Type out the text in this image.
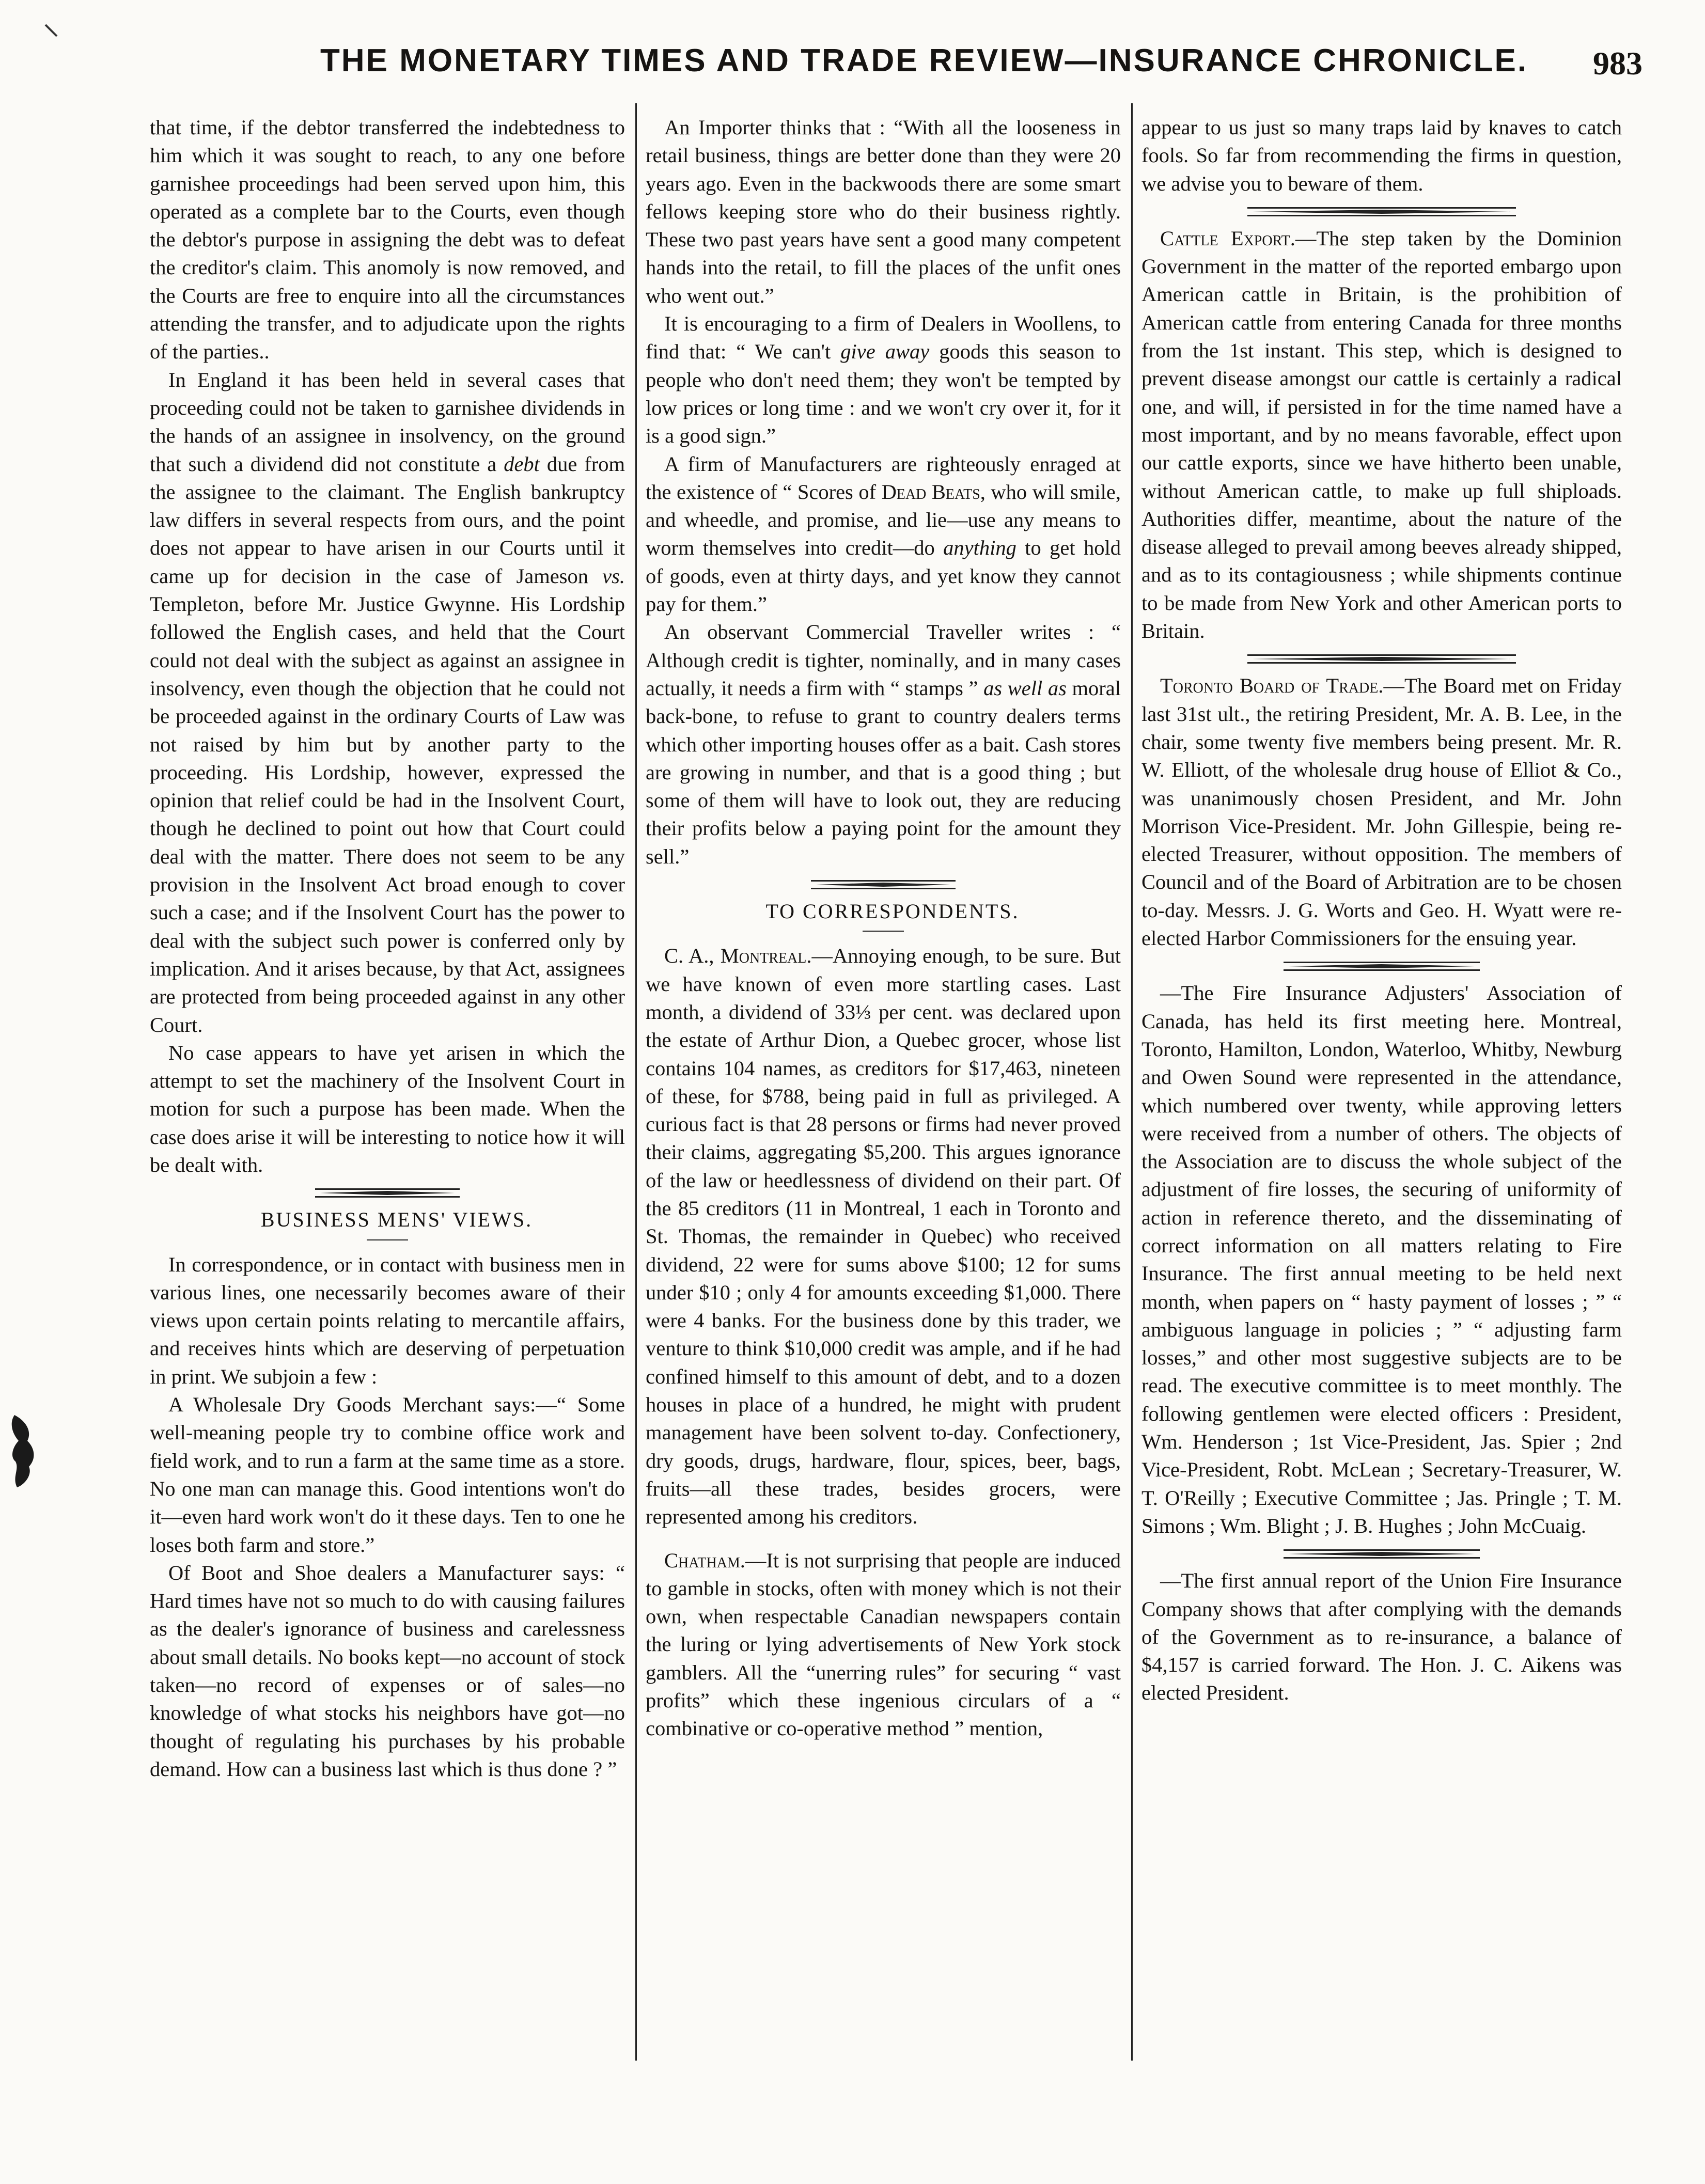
THE MONETARY TIMES AND TRADE REVIEW—INSURANCE CHRONICLE. 983

that time, if the debtor transferred the indebtedness to him which it was sought to reach, to any one before garnishee proceedings had been served upon him, this operated as a complete bar to the Courts, even though the debtor's purpose in assigning the debt was to defeat the creditor's claim. This anomoly is now removed, and the Courts are free to enquire into all the circumstances attending the transfer, and to adjudicate upon the rights of the parties..

In England it has been held in several cases that proceeding could not be taken to garnishee dividends in the hands of an assignee in insolvency, on the ground that such a dividend did not constitute a debt due from the assignee to the claimant. The English bankruptcy law differs in several respects from ours, and the point does not appear to have arisen in our Courts until it came up for decision in the case of Jameson vs. Templeton, before Mr. Justice Gwynne. His Lordship followed the English cases, and held that the Court could not deal with the subject as against an assignee in insolvency, even though the objection that he could not be proceeded against in the ordinary Courts of Law was not raised by him but by another party to the proceeding. His Lordship, however, expressed the opinion that relief could be had in the Insolvent Court, though he declined to point out how that Court could deal with the matter. There does not seem to be any provision in the Insolvent Act broad enough to cover such a case; and if the Insolvent Court has the power to deal with the subject such power is conferred only by implication. And it arises because, by that Act, assignees are protected from being proceeded against in any other Court.

No case appears to have yet arisen in which the attempt to set the machinery of the Insolvent Court in motion for such a purpose has been made. When the case does arise it will be interesting to notice how it will be dealt with.

BUSINESS MENS' VIEWS.

In correspondence, or in contact with business men in various lines, one necessarily becomes aware of their views upon certain points relating to mercantile affairs, and receives hints which are deserving of perpetuation in print. We subjoin a few :

A Wholesale Dry Goods Merchant says:—“ Some well-meaning people try to combine office work and field work, and to run a farm at the same time as a store. No one man can manage this. Good intentions won't do it—even hard work won't do it these days. Ten to one he loses both farm and store.”

Of Boot and Shoe dealers a Manufacturer says: “ Hard times have not so much to do with causing failures as the dealer's ignorance of business and carelessness about small details. No books kept—no account of stock taken—no record of expenses or of sales—no knowledge of what stocks his neighbors have got—no thought of regulating his purchases by his probable demand. How can a business last which is thus done ? ”

An Importer thinks that : “With all the looseness in retail business, things are better done than they were 20 years ago. Even in the backwoods there are some smart fellows keeping store who do their business rightly. These two past years have sent a good many competent hands into the retail, to fill the places of the unfit ones who went out.”

It is encouraging to a firm of Dealers in Woollens, to find that: “ We can't give away goods this season to people who don't need them; they won't be tempted by low prices or long time : and we won't cry over it, for it is a good sign.”

A firm of Manufacturers are righteously enraged at the existence of “ Scores of Dead Beats, who will smile, and wheedle, and promise, and lie—use any means to worm themselves into credit—do anything to get hold of goods, even at thirty days, and yet know they cannot pay for them.”

An observant Commercial Traveller writes : “ Although credit is tighter, nominally, and in many cases actually, it needs a firm with “ stamps ” as well as moral back-bone, to refuse to grant to country dealers terms which other importing houses offer as a bait. Cash stores are growing in number, and that is a good thing ; but some of them will have to look out, they are reducing their profits below a paying point for the amount they sell.”

TO CORRESPONDENTS.

C. A., Montreal.—Annoying enough, to be sure. But we have known of even more startling cases. Last month, a dividend of 33⅓ per cent. was declared upon the estate of Arthur Dion, a Quebec grocer, whose list contains 104 names, as creditors for $17,463, nineteen of these, for $788, being paid in full as privileged. A curious fact is that 28 persons or firms had never proved their claims, aggregating $5,200. This argues ignorance of the law or heedlessness of dividend on their part. Of the 85 creditors (11 in Montreal, 1 each in Toronto and St. Thomas, the remainder in Quebec) who received dividend, 22 were for sums above $100; 12 for sums under $10 ; only 4 for amounts exceeding $1,000. There were 4 banks. For the business done by this trader, we venture to think $10,000 credit was ample, and if he had confined himself to this amount of debt, and to a dozen houses in place of a hundred, he might with prudent management have been solvent to-day. Confectionery, dry goods, drugs, hardware, flour, spices, beer, bags, fruits—all these trades, besides grocers, were represented among his creditors.

Chatham.—It is not surprising that people are induced to gamble in stocks, often with money which is not their own, when respectable Canadian newspapers contain the luring or lying advertisements of New York stock gamblers. All the “unerring rules” for securing “ vast profits” which these ingenious circulars of a “ combinative or co-operative method ” mention,

appear to us just so many traps laid by knaves to catch fools. So far from recommending the firms in question, we advise you to beware of them.

Cattle Export.—The step taken by the Dominion Government in the matter of the reported embargo upon American cattle in Britain, is the prohibition of American cattle from entering Canada for three months from the 1st instant. This step, which is designed to prevent disease amongst our cattle is certainly a radical one, and will, if persisted in for the time named have a most important, and by no means favorable, effect upon our cattle exports, since we have hitherto been unable, without American cattle, to make up full shiploads. Authorities differ, meantime, about the nature of the disease alleged to prevail among beeves already shipped, and as to its contagiousness ; while shipments continue to be made from New York and other American ports to Britain.

Toronto Board of Trade.—The Board met on Friday last 31st ult., the retiring President, Mr. A. B. Lee, in the chair, some twenty five members being present. Mr. R. W. Elliott, of the wholesale drug house of Elliot & Co., was unanimously chosen President, and Mr. John Morrison Vice-President. Mr. John Gillespie, being re-elected Treasurer, without opposition. The members of Council and of the Board of Arbitration are to be chosen to-day. Messrs. J. G. Worts and Geo. H. Wyatt were re-elected Harbor Commissioners for the ensuing year.

—The Fire Insurance Adjusters' Association of Canada, has held its first meeting here. Montreal, Toronto, Hamilton, London, Waterloo, Whitby, Newburg and Owen Sound were represented in the attendance, which numbered over twenty, while approving letters were received from a number of others. The objects of the Association are to discuss the whole subject of the adjustment of fire losses, the securing of uniformity of action in reference thereto, and the disseminating of correct information on all matters relating to Fire Insurance. The first annual meeting to be held next month, when papers on “ hasty payment of losses ; ” “ ambiguous language in policies ; ” “ adjusting farm losses,” and other most suggestive subjects are to be read. The executive committee is to meet monthly. The following gentlemen were elected officers : President, Wm. Henderson ; 1st Vice-President, Jas. Spier ; 2nd Vice-President, Robt. McLean ; Secretary-Treasurer, W. T. O'Reilly ; Executive Committee ; Jas. Pringle ; T. M. Simons ; Wm. Blight ; J. B. Hughes ; John McCuaig.

—The first annual report of the Union Fire Insurance Company shows that after complying with the demands of the Government as to re-insurance, a balance of $4,157 is carried forward. The Hon. J. C. Aikens was elected President.
